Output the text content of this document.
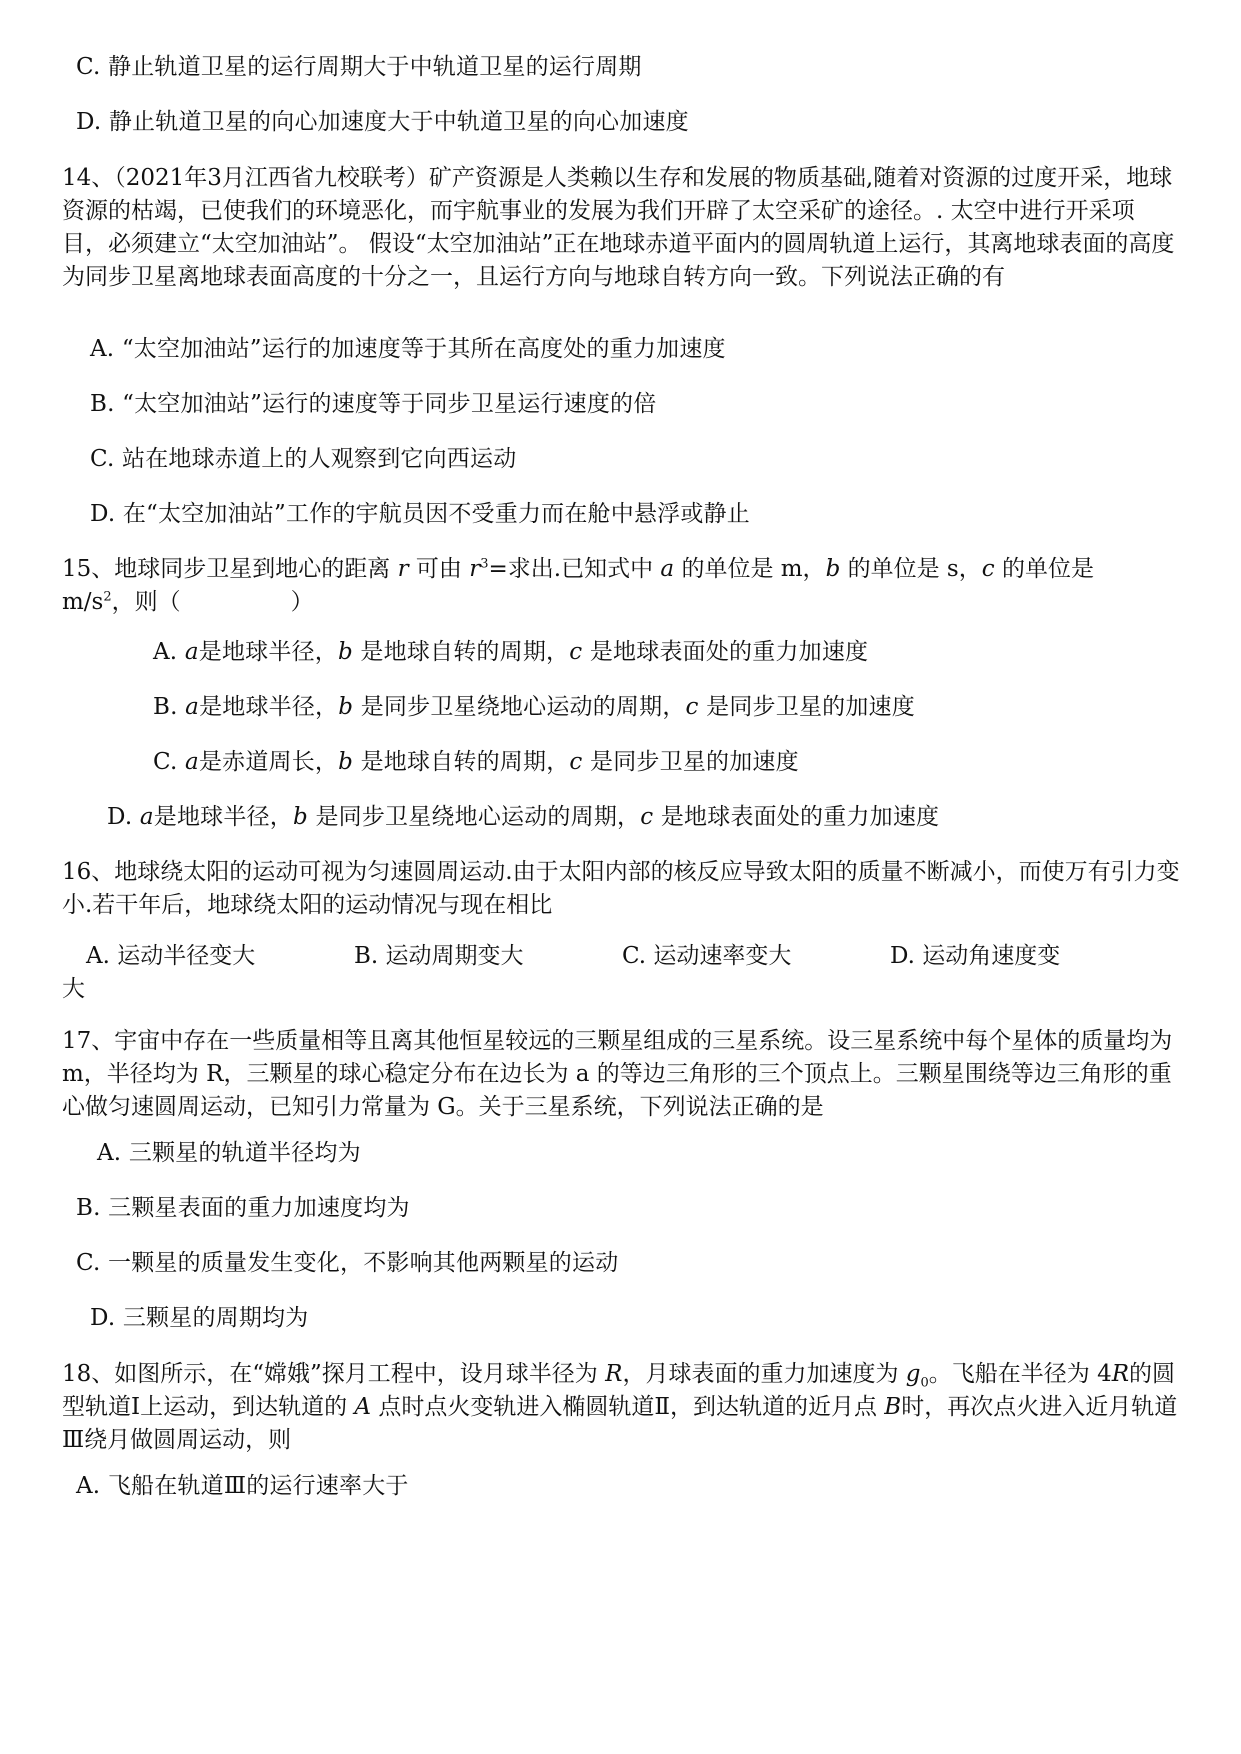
C. 静止轨道卫星的运行周期大于中轨道卫星的运行周期
D. 静止轨道卫星的向心加速度大于中轨道卫星的向心加速度
14、（2021年3月江西省九校联考）矿产资源是人类赖以生存和发展的物质基础,随着对资源的过度开采，地球资源的枯竭，已使我们的环境恶化，而宇航事业的发展为我们开辟了太空采矿的途径。. 太空中进行开采项目，必须建立“太空加油站”。 假设“太空加油站”正在地球赤道平面内的圆周轨道上运行，其离地球表面的高度为同步卫星离地球表面高度的十分之一，且运行方向与地球自转方向一致。下列说法正确的有
A. “太空加油站”运行的加速度等于其所在高度处的重力加速度
B. “太空加油站”运行的速度等于同步卫星运行速度的倍
C. 站在地球赤道上的人观察到它向西运动
D. 在“太空加油站”工作的宇航员因不受重力而在舱中悬浮或静止
15、地球同步卫星到地心的距离 r 可由 $r^3=$求出.已知式中 a 的单位是 m，b 的单位是 s，c 的单位是
$m/s^2$，则（	）
A. a是地球半径，b 是地球自转的周期，c 是地球表面处的重力加速度
B. a是地球半径，b 是同步卫星绕地心运动的周期，c 是同步卫星的加速度
C. a是赤道周长，b 是地球自转的周期，c 是同步卫星的加速度
D. a是地球半径，b 是同步卫星绕地心运动的周期，c 是地球表面处的重力加速度
16、地球绕太阳的运动可视为匀速圆周运动.由于太阳内部的核反应导致太阳的质量不断减小，而使万有引力变小.若干年后，地球绕太阳的运动情况与现在相比
A. 运动半径变大	B. 运动周期变大	C. 运动速率变大	D. 运动角速度变
大
17、宇宙中存在一些质量相等且离其他恒星较远的三颗星组成的三星系统。设三星系统中每个星体的质量均为 m，半径均为 R，三颗星的球心稳定分布在边长为 a 的等边三角形的三个顶点上。三颗星围绕等边三角形的重心做匀速圆周运动，已知引力常量为 G。关于三星系统，下列说法正确的是
A. 三颗星的轨道半径均为
B. 三颗星表面的重力加速度均为
C. 一颗星的质量发生变化，不影响其他两颗星的运动
D. 三颗星的周期均为
18、如图所示，在“嫦娥”探月工程中，设月球半径为 R，月球表面的重力加速度为 $g_0$。飞船在半径为 4R的圆型轨道Ⅰ上运动，到达轨道的 A 点时点火变轨进入椭圆轨道Ⅱ，到达轨道的近月点 B时，再次点火进入近月轨道Ⅲ绕月做圆周运动，则
A. 飞船在轨道Ⅲ的运行速率大于
